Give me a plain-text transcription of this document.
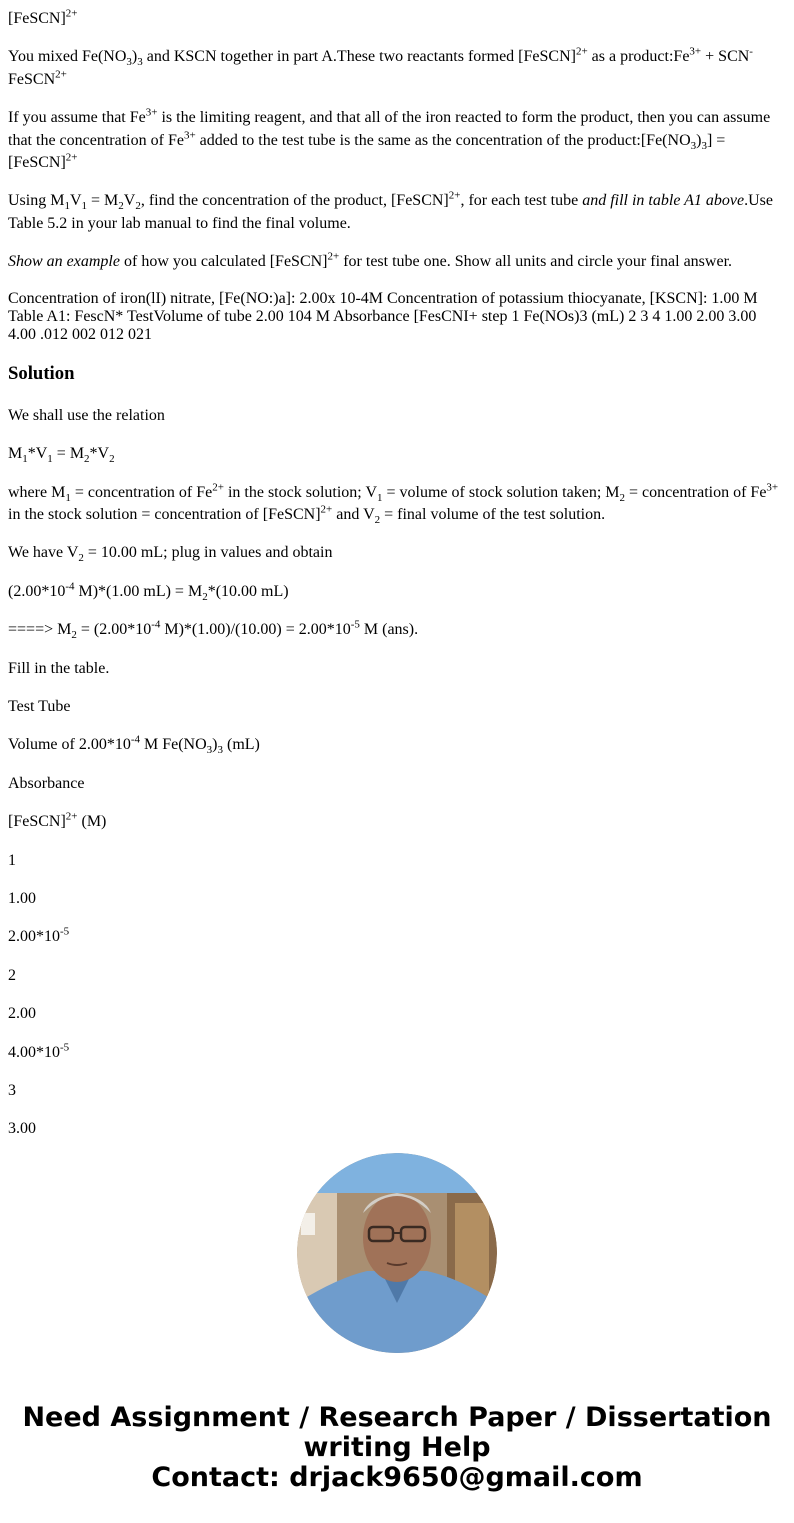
[FeSCN]$^{2+}$

You mixed $Fe(NO_3)_3$ and KSCN together in part A.These two reactants formed [FeSCN]$^{2+}$ as a $product:Fe^{3+} + SCN^-$ FeSCN$^{2+}$

If you assume that $Fe^{3+}$ is the limiting reagent, and that all of the iron reacted to form the product, then you can assume that the concentration of $Fe^{3+}$ added to the test tube is the same as the concentration of the $product:[Fe(NO_3)_3]$ = [FeSCN]$^{2+}$

Using $M_1V_1 = M_2V_2$, find the concentration of the product, [FeSCN]$^{2+}$, for each test tube and fill in table A1 above.Use Table 5.2 in your lab manual to find the final volume.

Show an example of how you calculated [FeSCN]$^{2+}$ for test tube one. Show all units and circle your final answer.

Concentration of iron(lI) nitrate, [Fe(NO:)a]: 2.00x 10-4M Concentration of potassium thiocyanate, [KSCN]: 1.00 M Table A1: FescN* TestVolume of tube 2.00 104 M Absorbance [FesCNI+ step 1 Fe(NOs)3 (mL) 2 3 4 1.00 2.00 3.00 4.00 .012 002 012 021

Solution

We shall use the relation

$M_1*V_1 = M_2*V_2$

where $M_1$ = concentration of $Fe^{2+}$ in the stock solution; $V_1$ = volume of stock solution taken; $M_2$ = concentration of $Fe^{3+}$ in the stock solution = concentration of [FeSCN]$^{2+}$ and $V_2$ = final volume of the test solution.

We have $V_2 = 10.00$ mL; plug in values and obtain

($2.00*10^{-4}$ M)*(1.00 $mL) = M_2*(10.00$ mL)

====> $M_2 = (2.00*10^{-4}$ $M)*(1.00)/(10.00) = 2.00*10^{-5}$ M (ans).

Fill in the table.

Test Tube

Volume of $2.00*10^{-4}$ M $Fe(NO_3)_3$ (mL)

Absorbance

[FeSCN]$^{2+}$ (M)

1

1.00

$2.00*10^{-5}$

2

2.00

$4.00*10^{-5}$

3

3.00

Need Assignment / Research Paper / Dissertation
writing Help
Contact: drjack9650@gmail.com
